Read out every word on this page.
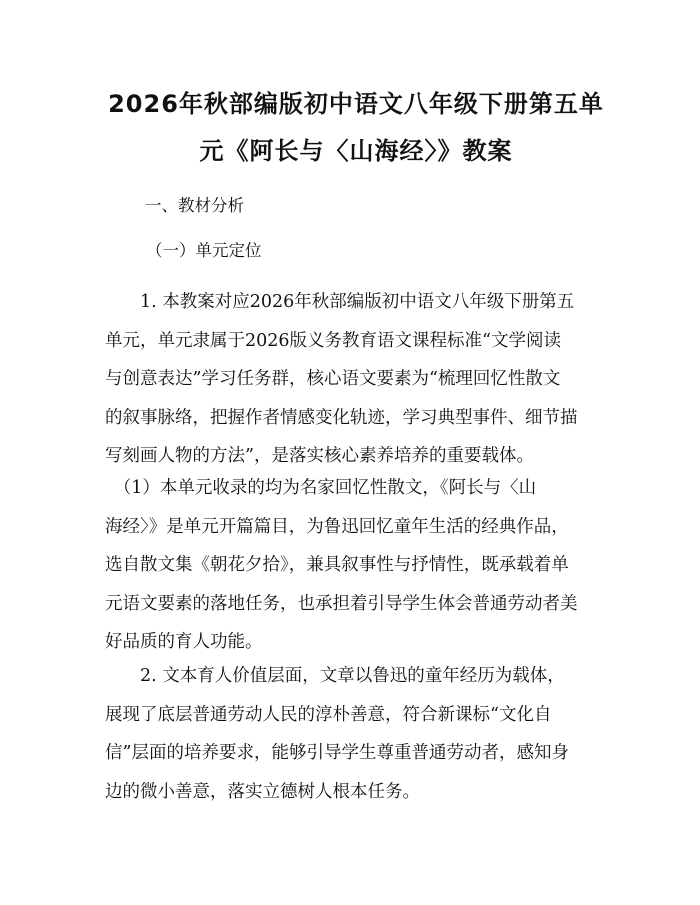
2026年秋部编版初中语文八年级下册第五单
元《阿长与〈山海经〉》教案
一、教材分析
（一）单元定位
　　1. 本教案对应2026年秋部编版初中语文八年级下册第五
单元，单元隶属于2026版义务教育语文课程标准“文学阅读
与创意表达”学习任务群，核心语文要素为“梳理回忆性散文
的叙事脉络，把握作者情感变化轨迹，学习典型事件、细节描
写刻画人物的方法”，是落实核心素养培养的重要载体。
　（1）本单元收录的均为名家回忆性散文，《阿长与〈山
海经〉》是单元开篇篇目，为鲁迅回忆童年生活的经典作品，
选自散文集《朝花夕拾》，兼具叙事性与抒情性，既承载着单
元语文要素的落地任务，也承担着引导学生体会普通劳动者美
好品质的育人功能。
　　2. 文本育人价值层面，文章以鲁迅的童年经历为载体，
展现了底层普通劳动人民的淳朴善意，符合新课标“文化自
信”层面的培养要求，能够引导学生尊重普通劳动者，感知身
边的微小善意，落实立德树人根本任务。
